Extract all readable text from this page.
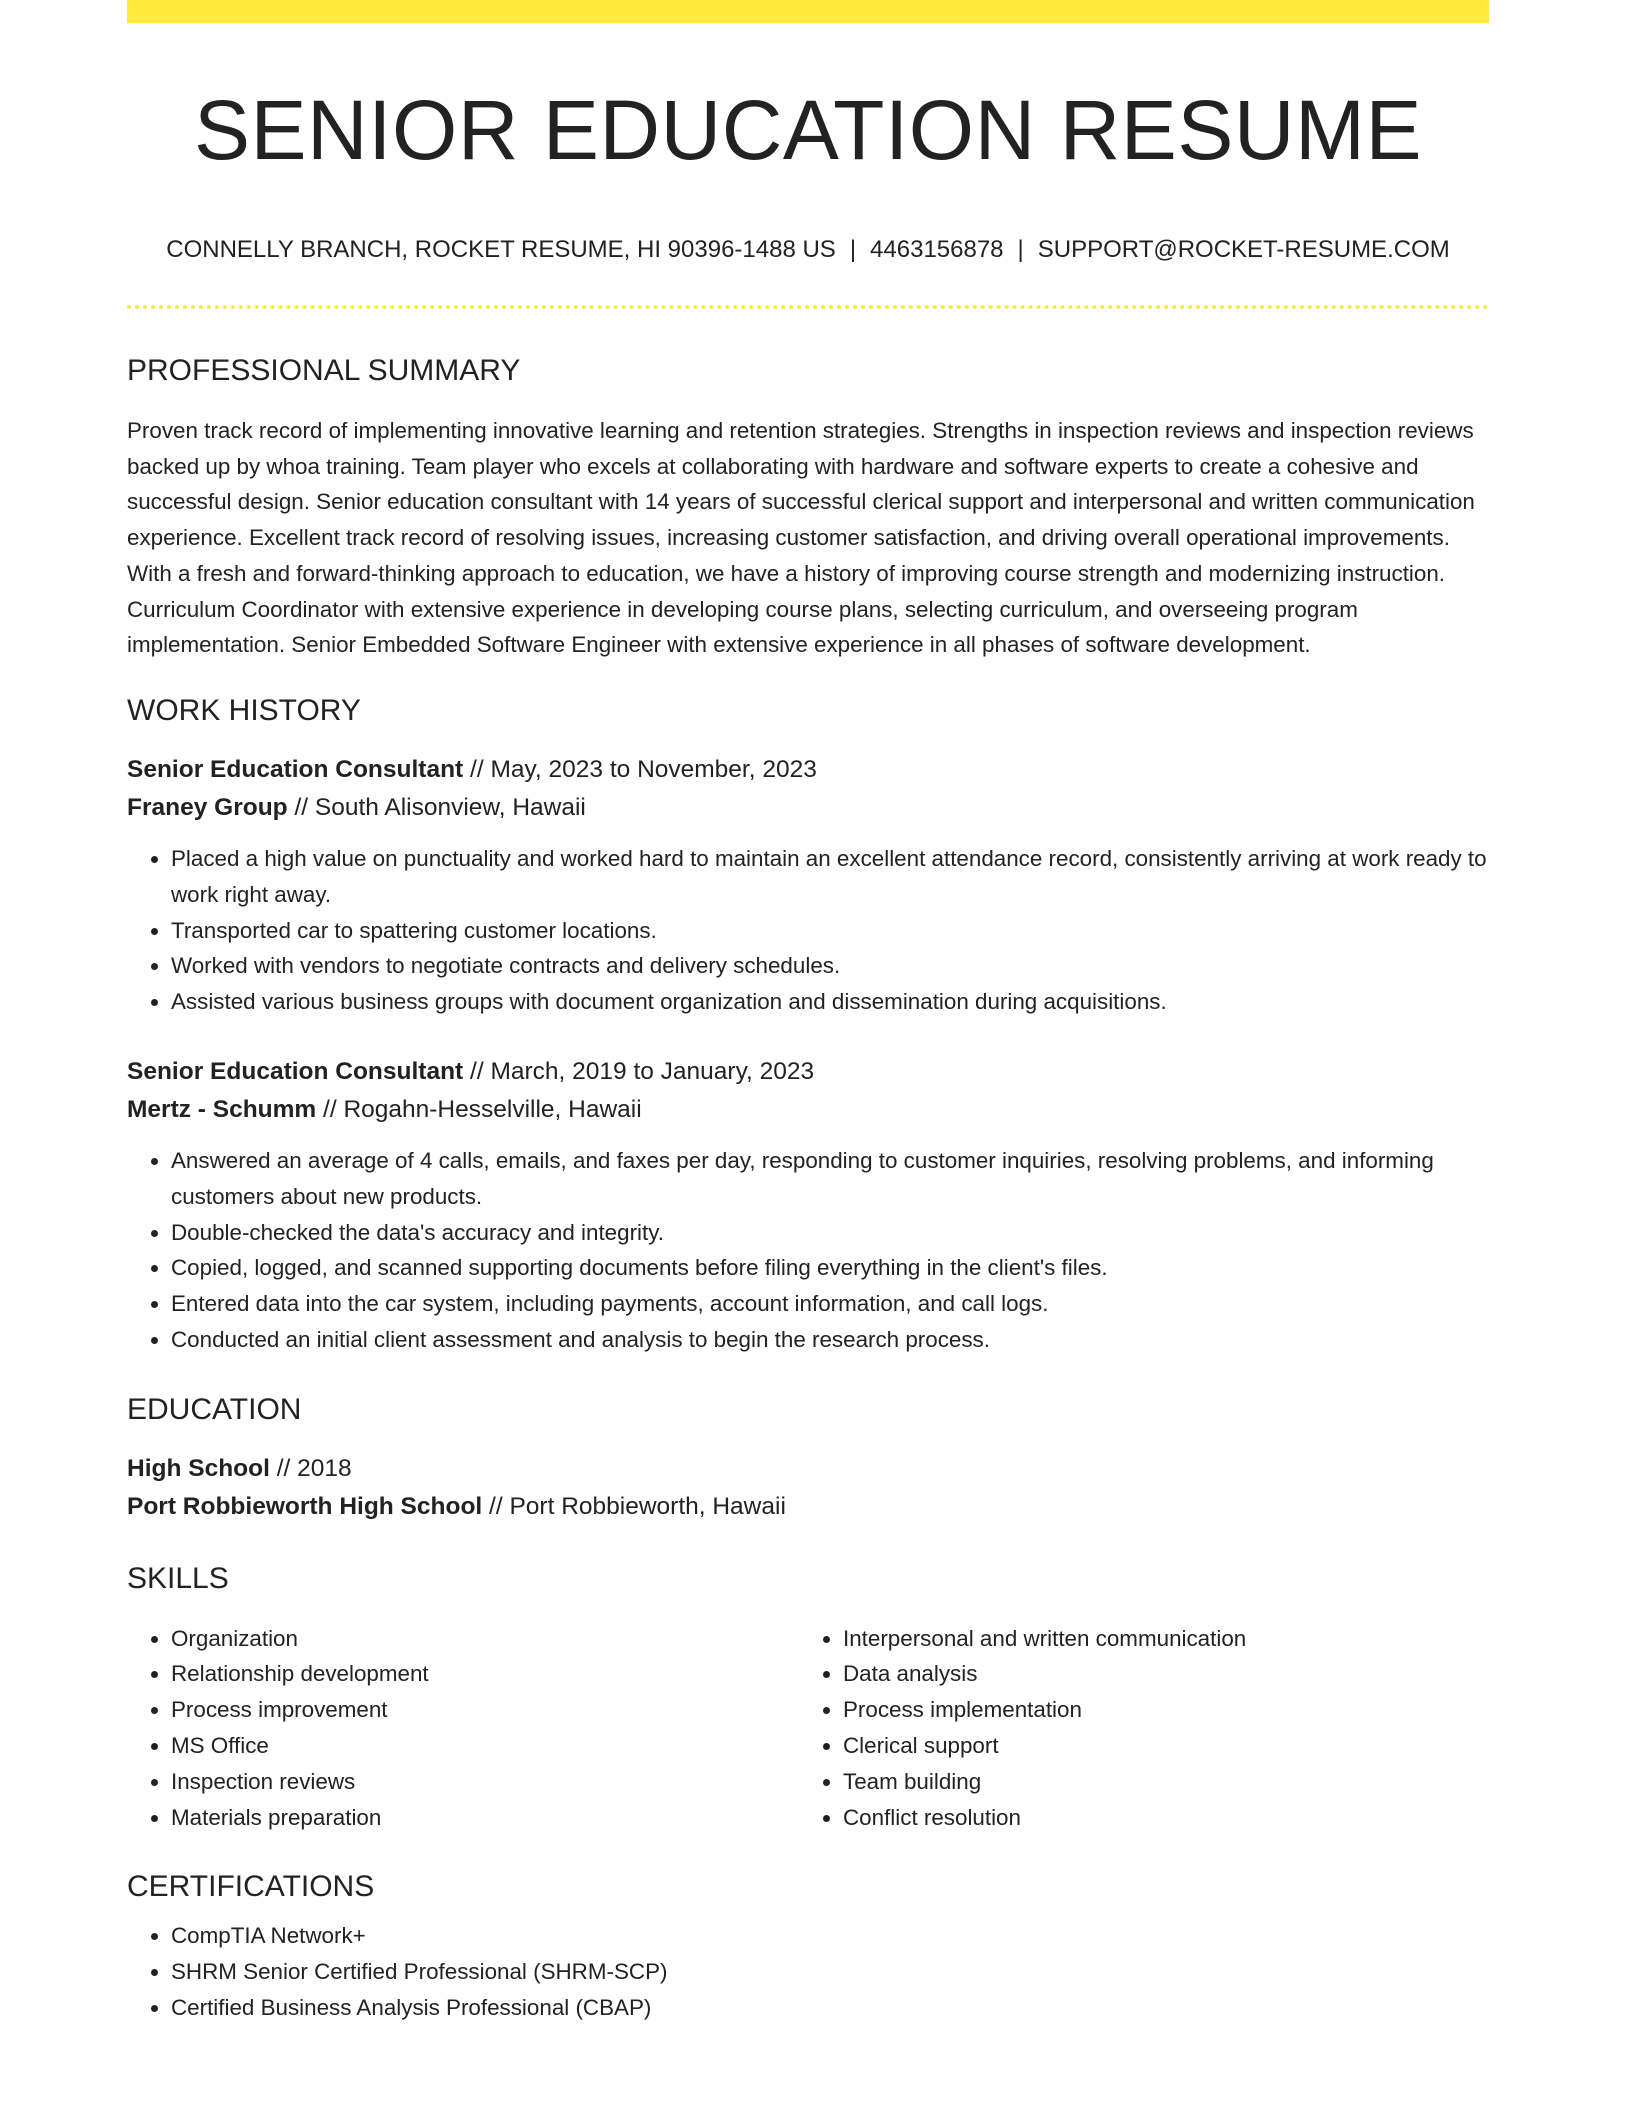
SENIOR EDUCATION RESUME
CONNELLY BRANCH, ROCKET RESUME, HI 90396-1488 US | 4463156878 | SUPPORT@ROCKET-RESUME.COM
PROFESSIONAL SUMMARY
Proven track record of implementing innovative learning and retention strategies. Strengths in inspection reviews and inspection reviews backed up by whoa training. Team player who excels at collaborating with hardware and software experts to create a cohesive and successful design. Senior education consultant with 14 years of successful clerical support and interpersonal and written communication experience. Excellent track record of resolving issues, increasing customer satisfaction, and driving overall operational improvements. With a fresh and forward-thinking approach to education, we have a history of improving course strength and modernizing instruction. Curriculum Coordinator with extensive experience in developing course plans, selecting curriculum, and overseeing program implementation. Senior Embedded Software Engineer with extensive experience in all phases of software development.
WORK HISTORY
Senior Education Consultant // May, 2023 to November, 2023
Franey Group // South Alisonview, Hawaii
• Placed a high value on punctuality and worked hard to maintain an excellent attendance record, consistently arriving at work ready to work right away.
• Transported car to spattering customer locations.
• Worked with vendors to negotiate contracts and delivery schedules.
• Assisted various business groups with document organization and dissemination during acquisitions.
Senior Education Consultant // March, 2019 to January, 2023
Mertz - Schumm // Rogahn-Hesselville, Hawaii
• Answered an average of 4 calls, emails, and faxes per day, responding to customer inquiries, resolving problems, and informing customers about new products.
• Double-checked the data's accuracy and integrity.
• Copied, logged, and scanned supporting documents before filing everything in the client's files.
• Entered data into the car system, including payments, account information, and call logs.
• Conducted an initial client assessment and analysis to begin the research process.
EDUCATION
High School // 2018
Port Robbieworth High School // Port Robbieworth, Hawaii
SKILLS
• Organization
• Relationship development
• Process improvement
• MS Office
• Inspection reviews
• Materials preparation
• Interpersonal and written communication
• Data analysis
• Process implementation
• Clerical support
• Team building
• Conflict resolution
CERTIFICATIONS
• CompTIA Network+
• SHRM Senior Certified Professional (SHRM-SCP)
• Certified Business Analysis Professional (CBAP)
